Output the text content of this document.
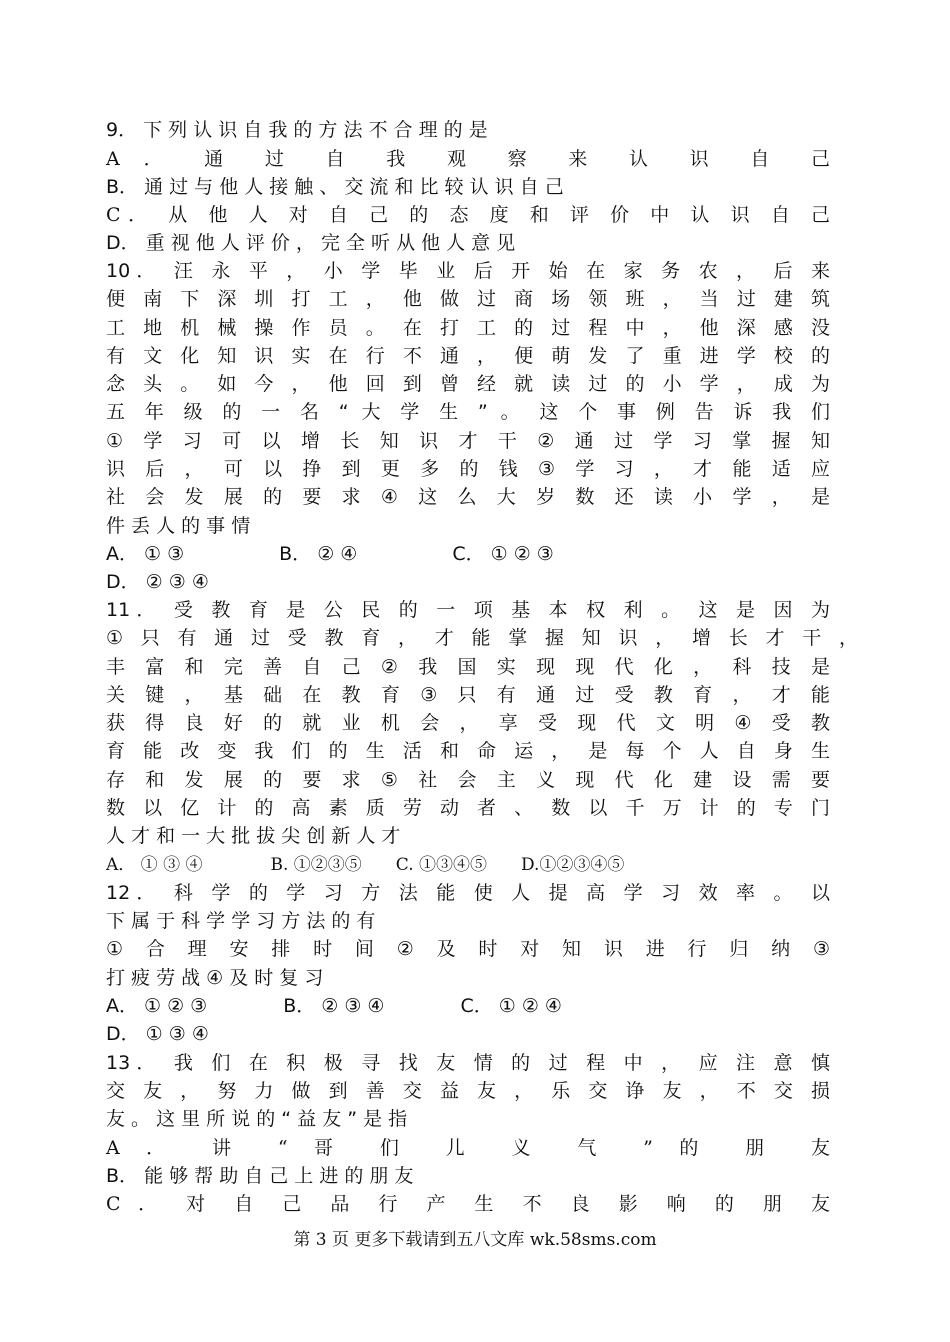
9． 下 列 认 识 自 我 的 方 法 不 合 理 的 是
A ． 通 过 自 我 观 察 来 认 识 自 己
B． 通 过 与 他 人 接 触 、 交 流 和 比 较 认 识 自 己
C． 从 他 人 对 自 己 的 态 度 和 评 价 中 认 识 自 己
D． 重 视 他 人 评 价 ， 完 全 听 从 他 人 意 见
10． 汪 永 平 ， 小 学 毕 业 后 开 始 在 家 务 农 ， 后 来
便 南 下 深 圳 打 工 ， 他 做 过 商 场 领 班 ， 当 过 建 筑
工 地 机 械 操 作 员 。 在 打 工 的 过 程 中 ， 他 深 感 没
有 文 化 知 识 实 在 行 不 通 ， 便 萌 发 了 重 进 学 校 的
念 头 。 如 今 ， 他 回 到 曾 经 就 读 过 的 小 学 ， 成 为
五 年 级 的 一 名 “ 大 学 生 ” 。 这 个 事 例 告 诉 我 们
① 学 习 可 以 增 长 知 识 才 干 ② 通 过 学 习 掌 握 知
识 后 ， 可 以 挣 到 更 多 的 钱 ③ 学 习 ， 才 能 适 应
社 会 发 展 的 要 求 ④ 这 么 大 岁 数 还 读 小 学 ， 是
件 丢 人 的 事 情
A． ① ③　　　　　B． ② ④　　　　　C． ① ② ③
D． ② ③ ④
11． 受 教 育 是 公 民 的 一 项 基 本 权 利 。 这 是 因 为
① 只 有 通 过 受 教 育 ， 才 能 掌 握 知 识 ， 增 长 才 干 ，
丰 富 和 完 善 自 己 ② 我 国 实 现 现 代 化 ， 科 技 是
关 键 ， 基 础 在 教 育 ③ 只 有 通 过 受 教 育 ， 才 能
获 得 良 好 的 就 业 机 会 ， 享 受 现 代 文 明 ④ 受 教
育 能 改 变 我 们 的 生 活 和 命 运 ， 是 每 个 人 自 身 生
存 和 发 展 的 要 求 ⑤ 社 会 主 义 现 代 化 建 设 需 要
数 以 亿 计 的 高 素 质 劳 动 者 、 数 以 千 万 计 的 专 门
人 才 和 一 大 批 拔 尖 创 新 人 才
A． ① ③ ④　　　　B. ①②③⑤　　C. ①③④⑤　　D.①②③④⑤
12． 科 学 的 学 习 方 法 能 使 人 提 高 学 习 效 率 。 以
下 属 于 科 学 学 习 方 法 的 有
① 合 理 安 排 时 间 ② 及 时 对 知 识 进 行 归 纳 ③
打 疲 劳 战 ④ 及 时 复 习
A． ① ② ③　　　　B． ② ③ ④　　　　C． ① ② ④
D． ① ③ ④
13． 我 们 在 积 极 寻 找 友 情 的 过 程 中 ， 应 注 意 慎
交 友 ， 努 力 做 到 善 交 益 友 ， 乐 交 诤 友 ， 不 交 损
友 。 这 里 所 说 的 “ 益 友 ” 是 指
A ． 讲 “ 哥 们 儿 义 气 ” 的 朋 友
B． 能 够 帮 助 自 己 上 进 的 朋 友
C ． 对 自 己 品 行 产 生 不 良 影 响 的 朋 友
第 3 页 更多下载请到五八文库 wk.58sms.com
